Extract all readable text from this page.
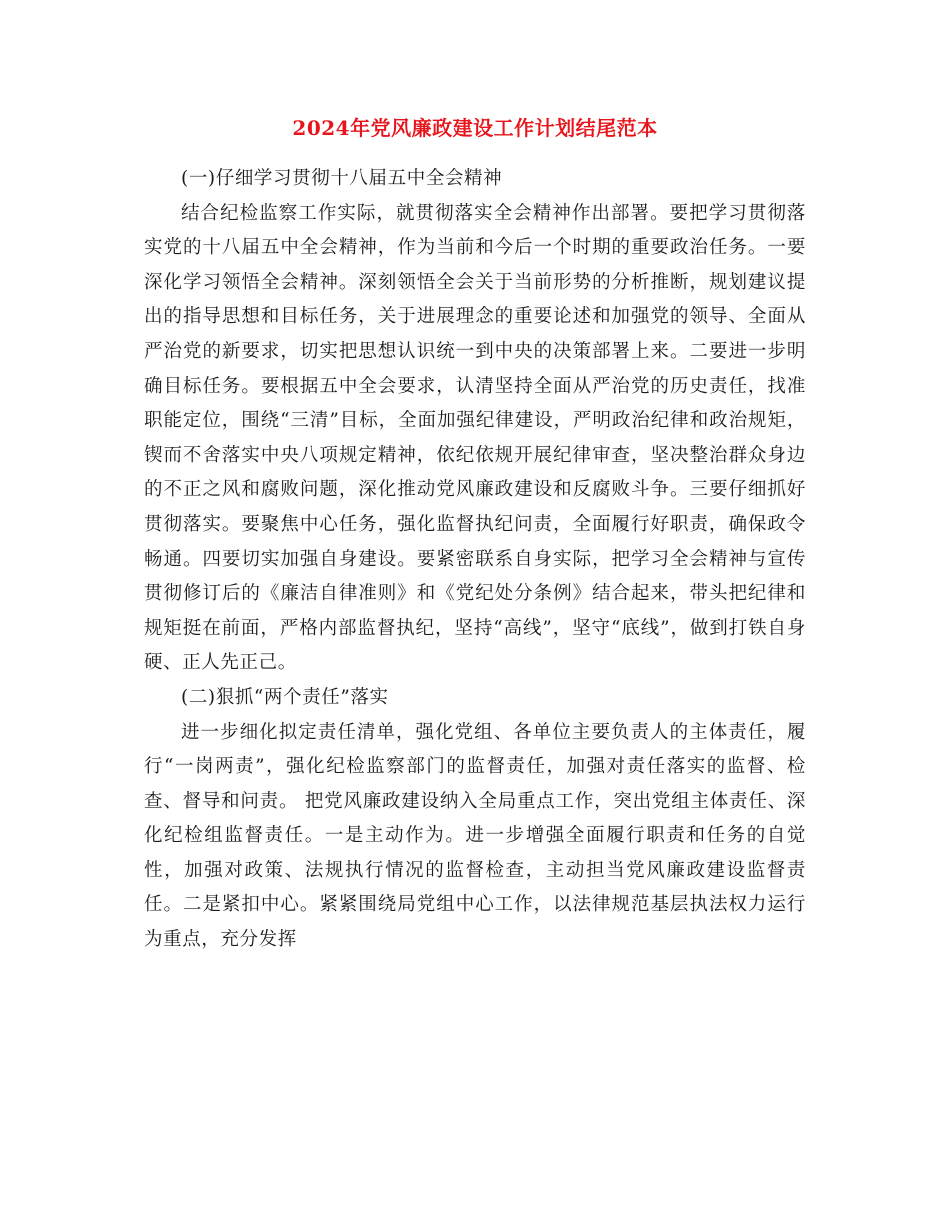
2024年党风廉政建设工作计划结尾范本

(一)仔细学习贯彻十八届五中全会精神

结合纪检监察工作实际，就贯彻落实全会精神作出部署。要把学习贯彻落实党的十八届五中全会精神，作为当前和今后一个时期的重要政治任务。一要深化学习领悟全会精神。深刻领悟全会关于当前形势的分析推断，规划建议提出的指导思想和目标任务，关于进展理念的重要论述和加强党的领导、全面从严治党的新要求，切实把思想认识统一到中央的决策部署上来。二要进一步明确目标任务。要根据五中全会要求，认清坚持全面从严治党的历史责任，找准职能定位，围绕“三清”目标，全面加强纪律建设，严明政治纪律和政治规矩，锲而不舍落实中央八项规定精神，依纪依规开展纪律审查，坚决整治群众身边的不正之风和腐败问题，深化推动党风廉政建设和反腐败斗争。三要仔细抓好贯彻落实。要聚焦中心任务，强化监督执纪问责，全面履行好职责，确保政令畅通。四要切实加强自身建设。要紧密联系自身实际，把学习全会精神与宣传贯彻修订后的《廉洁自律准则》和《党纪处分条例》结合起来，带头把纪律和规矩挺在前面，严格内部监督执纪，坚持“高线”，坚守“底线”，做到打铁自身硬、正人先正己。

(二)狠抓“两个责任”落实

进一步细化拟定责任清单，强化党组、各单位主要负责人的主体责任，履行“一岗两责”，强化纪检监察部门的监督责任，加强对责任落实的监督、检查、督导和问责。 把党风廉政建设纳入全局重点工作，突出党组主体责任、深化纪检组监督责任。一是主动作为。进一步增强全面履行职责和任务的自觉性，加强对政策、法规执行情况的监督检查，主动担当党风廉政建设监督责任。二是紧扣中心。紧紧围绕局党组中心工作，以法律规范基层执法权力运行为重点，充分发挥
